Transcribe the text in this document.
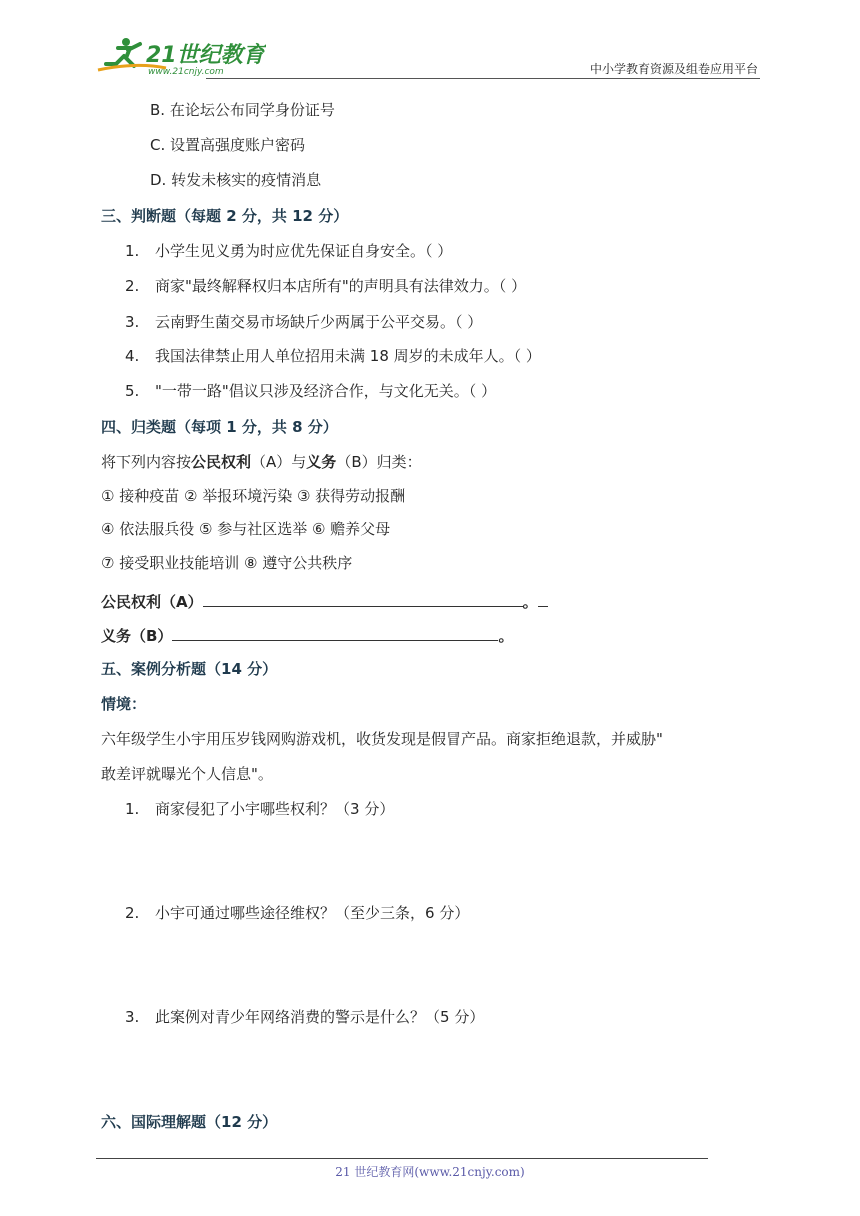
21世纪教育
www.21cnjy.com	中小学教育资源及组卷应用平台
B. 在论坛公布同学身份证号
C. 设置高强度账户密码
D. 转发未核实的疫情消息
三、判断题（每题 2 分，共 12 分）
1. 小学生见义勇为时应优先保证自身安全。（ ）
2. 商家"最终解释权归本店所有"的声明具有法律效力。（ ）
3. 云南野生菌交易市场缺斤少两属于公平交易。（ ）
4. 我国法律禁止用人单位招用未满 18 周岁的未成年人。（ ）
5. "一带一路"倡议只涉及经济合作，与文化无关。（ ）
四、归类题（每项 1 分，共 8 分）
将下列内容按公民权利（A）与义务（B）归类：
① 接种疫苗 ② 举报环境污染 ③ 获得劳动报酬
④ 依法服兵役 ⑤ 参与社区选举 ⑥ 赡养父母
⑦ 接受职业技能培训 ⑧ 遵守公共秩序
公民权利（A）	。
义务（B）	。
五、案例分析题（14 分）
情境：
六年级学生小宇用压岁钱网购游戏机，收货发现是假冒产品。商家拒绝退款，并威胁"
敢差评就曝光个人信息"。
1. 商家侵犯了小宇哪些权利？（3 分）
2. 小宇可通过哪些途径维权？（至少三条，6 分）
3. 此案例对青少年网络消费的警示是什么？（5 分）
六、国际理解题（12 分）
21 世纪教育网(www.21cnjy.com)
